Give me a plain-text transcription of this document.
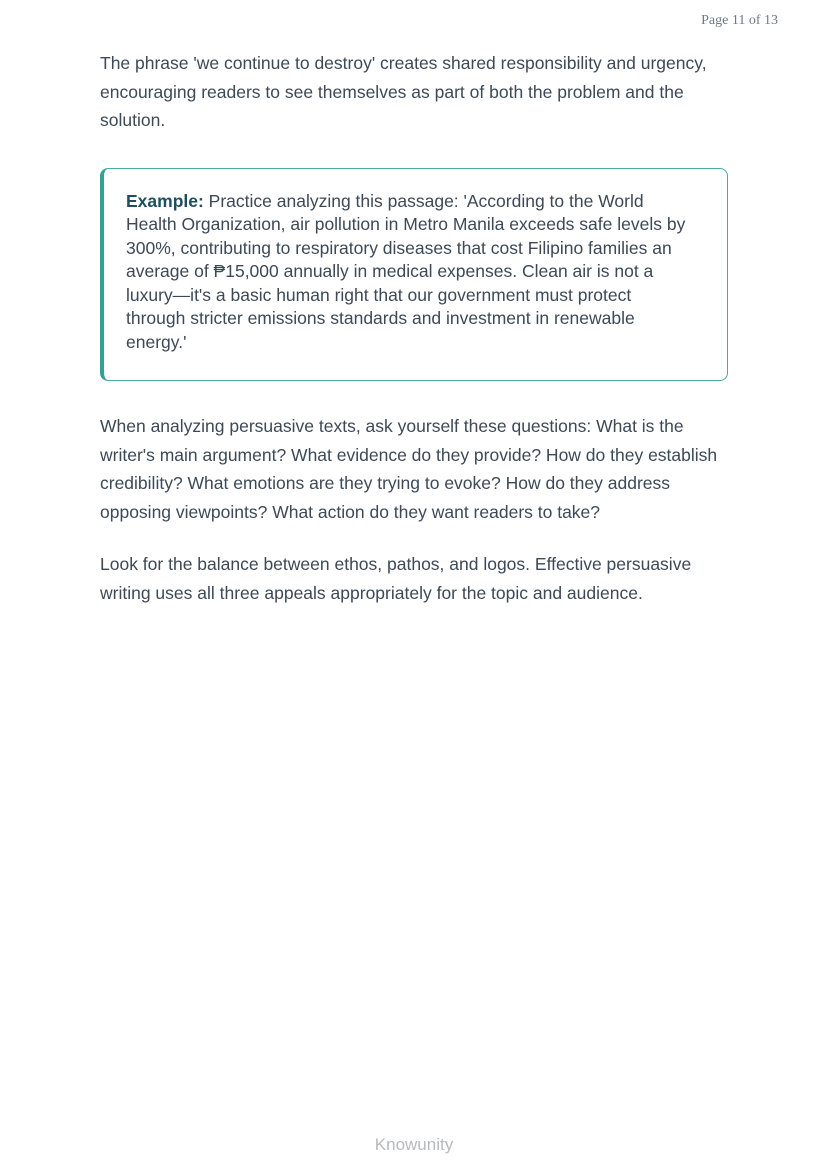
Page 11 of 13

The phrase 'we continue to destroy' creates shared responsibility and urgency, encouraging readers to see themselves as part of both the problem and the solution.

Example: Practice analyzing this passage: 'According to the World Health Organization, air pollution in Metro Manila exceeds safe levels by 300%, contributing to respiratory diseases that cost Filipino families an average of ₱15,000 annually in medical expenses. Clean air is not a luxury—it's a basic human right that our government must protect through stricter emissions standards and investment in renewable energy.'

When analyzing persuasive texts, ask yourself these questions: What is the writer's main argument? What evidence do they provide? How do they establish credibility? What emotions are they trying to evoke? How do they address opposing viewpoints? What action do they want readers to take?

Look for the balance between ethos, pathos, and logos. Effective persuasive writing uses all three appeals appropriately for the topic and audience.

Knowunity
